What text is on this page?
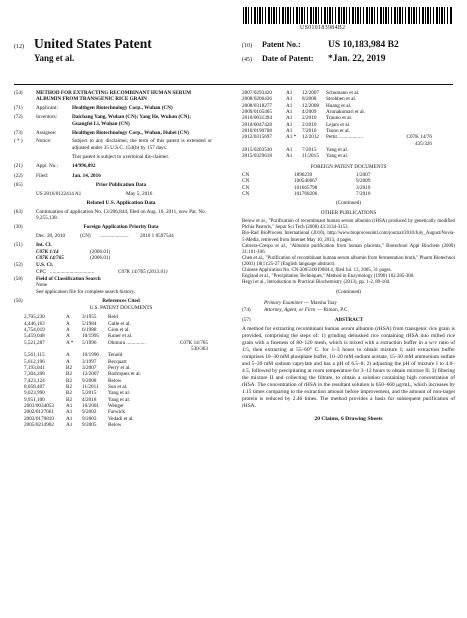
US010183984B2
(12) United States Patent
Yang et al.
(10)	Patent No.:	US 10,183,984 B2
(45)	Date of Patent:	*Jan. 22, 2019
(54)	METHOD FOR EXTRACTING RECOMBINANT HUMAN SERUM ALBUMIN FROM TRANSGENIC RICE GRAIN
(71)	Applicant:	Healthgen Biotechnology Corp., Wuhan (CN)
(72)	Inventors:	Daichang Yang, Wuhan (CN); Yang He, Wuhan (CN); Guangfei Li, Wuhan (CN)
(73)	Assignee:	Healthgen Biotechnology Corp., Wuhan, Hubei (CN)
( * )	Notice:	Subject to any disclaimer, the term of this patent is extended or adjusted under 35 U.S.C. 154(b) by 157 days.
This patent is subject to a terminal dis-claimer.
(21)	Appl. No.:	14/996,092
(22)	Filed:	Jan. 14, 2016
(65)	Prior Publication Data
US 2016/0122414 A1	May 5, 2016
Related U.S. Application Data
(63)	Continuation of application No. 13/206,844, filed on Aug. 10, 2011, now Pat. No. 9,255,138.
(30)	Foreign Application Priority Data
Dec. 20, 2010	(CN)	......................	2010 1 0597544
(51)	Int. Cl.
C07K 1/14	(2006.01)
C07K 14/765	(2006.01)
(52)	U.S. Cl.
CPC ..................................	C07K 14/765 (2013.01)
(58)	Field of Classification Search
None
See application file for complete search history.
(56)	References Cited
U.S. PATENT DOCUMENTS
2,705,230	A	3/1955	Reid
4,446,163	A	5/1984	Galle et al.
4,754,019	A	6/1988	Gion et al.
5,459,048	A	10/1995	Kuner et al.
5,521,287	A *	5/1996	Ohmura ...............	C07K 14/765
530/363
5,561,115	A	10/1996	Tenold
5,612,196	A	3/1997	Becquart
7,193,041	B2	3/2007	Perry et al.
7,304,208	B2	12/2007	Rodriquez et al.
7,423,124	B2	9/2008	Below
8,058,407	B2	11/2011	Sun et al.
9,023,990	B2	5/2015	Yang et al.
9,951,100	B2	4/2018	Yang et al.
2001/0034053	A1	10/2001	Wenger
2002/0127661	A1	9/2002	Farwick
2003/0170810	A1	9/2003	Vedadi et al.
2005/0214902	A1	9/2005	Below
2007/0293420	A1	12/2007	Schumann et al.
2008/0206436	A1	8/2008	Strohben et al.
2008/0318277	A1	12/2008	Huang et al.
2009/0105465	A1	4/2009	Arunakumari et al.
2010/0031394	A1	2/2010	Trauno et al.
2010/0047428	A1	2/2010	Lejars et al.
2010/0190708	A1	7/2010	Tsuno et al.
2012/0315697	A1 *	12/2012	Pettit ...................	C07K 14/76
435/326
2015/0203530	A1	7/2015	Yang et al.
2015/0329618	A1	11/2015	Yang et al.
FOREIGN PATENT DOCUMENTS
CN	1896239	1/2007
CN	100540667	9/2009
CN	101665798	3/2010
CN	101768206	7/2010
(Continued)
OTHER PUBLICATIONS
Below et al., "Purification of recombinant human serum albumin (rHSA) produced by genetically modified Pichia Pastoris," Separ Sci Tech (2008) 43:3134-3153.
Bio-Rad BioProcess International (2010), http://www.bioprocessintl.com/journal/2010/July_August/Novia-5-Media, retrieved from Internet May 10, 2013, 4 pages.
Cabrera-Crespo et al., "Albumin purification from human placenta," Biotechnol Appl Biochem (2000) 31:101-106.
Chen et al., "Purification of recombinant human serum albumin from fermentation broth," Pharm Biotechnol (2003) 10(1):25-27 (English language abstract).
Chinese Application No. CN-200510019084.4, filed Jul. 13, 2005, 31 pages.
England et al., "Precipitation Techniques," Method in Enzymology (1990) 182:285-300.
Hegyi et al., Introduction to Practical Biochemistry (2013), pp. 1-2, 89-104.
(Continued)
Primary Examiner — Marsha Tsay
(74)	Attorney, Agent, or Firm — Rimon, P.C.
(57)	ABSTRACT
A method for extracting recombinant human serum albumin (rHSA) from transgenic rice grain is provided, comprising the steps of: 1) grinding dehusked rice containing rHSA into milled rice grain with a fineness of 80–120 mesh, which is mixed with a extraction buffer in a w/v ratio of 1:5, then extracting at 55–60° C. for 1–3 hours to obtain mixture I; said extraction buffer comprises 10–30 mM phosphate buffer, 10–20 mM sodium acetate, 15–30 mM ammonium sulfate and 5–20 mM sodium caprylate and has a pH of 6.5–8; 2) adjusting the pH of mixture I to 4.0–4.5, followed by precipitating at room temperature for 3–12 hours to obtain mixture II; 3) filtering the mixture II and collecting the filtrate, to obtain a solution containing high concentration of rHSA. The concentration of rHSA in the resultant solution is 650–660 μg/mL, which increases by 1.15 times comparing to the extraction amount before improvement, and the amount of non-target protein is reduced by 2.46 times. The method provides a basis for subsequent purification of rHSA.
20 Claims, 6 Drawing Sheets
